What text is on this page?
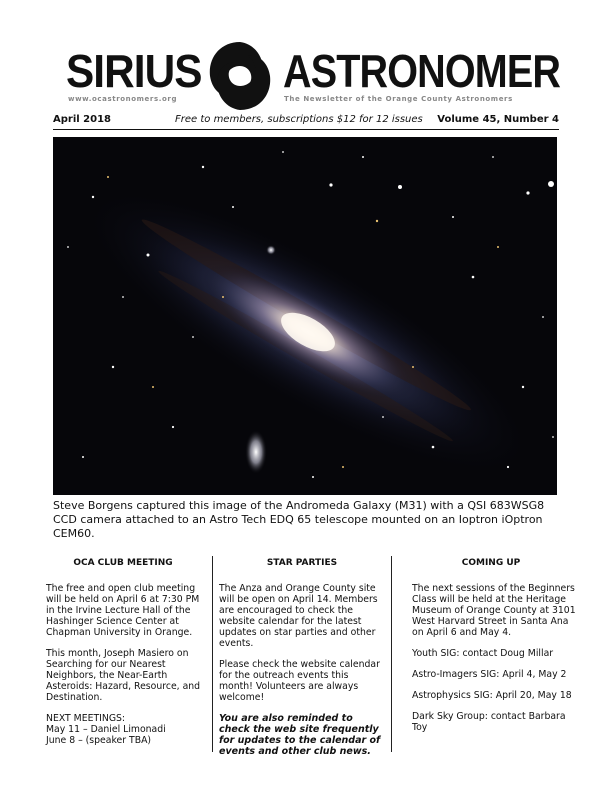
SIRIUS ASTRONOMER
www.ocastronomers.org	The Newsletter of the Orange County Astronomers
April 2018	Free to members, subscriptions $12 for 12 issues Volume 45, Number 4
Steve Borgens captured this image of the Andromeda Galaxy (M31) with a QSI 683WSG8 CCD camera attached to an Astro Tech EDQ 65 telescope mounted on an Ioptron iOptron CEM60.
OCA CLUB MEETING

The free and open club meeting will be held on April 6 at 7:30 PM in the Irvine Lecture Hall of the Hashinger Science Center at Chapman University in Orange.

This month, Joseph Masiero on Searching for our Nearest Neighbors, the Near-Earth Asteroids: Hazard, Resource, and Destination.

NEXT MEETINGS:

May 11 – Daniel Limonadi

June 8 – (speaker TBA)

STAR PARTIES

The Anza and Orange County site will be open on April 14. Members are encouraged to check the website calendar for the latest updates on star parties and other events.

Please check the website calendar for the outreach events this month! Volunteers are always welcome!

You are also reminded to check the web site frequently for updates to the calendar of events and other club news.

COMING UP

The next sessions of the Beginners Class will be held at the Heritage Museum of Orange County at 3101 West Harvard Street in Santa Ana on April 6 and May 4.

Youth SIG: contact Doug Millar

Astro-Imagers SIG: April 4, May 2

Astrophysics SIG: April 20, May 18

Dark Sky Group: contact Barbara Toy
